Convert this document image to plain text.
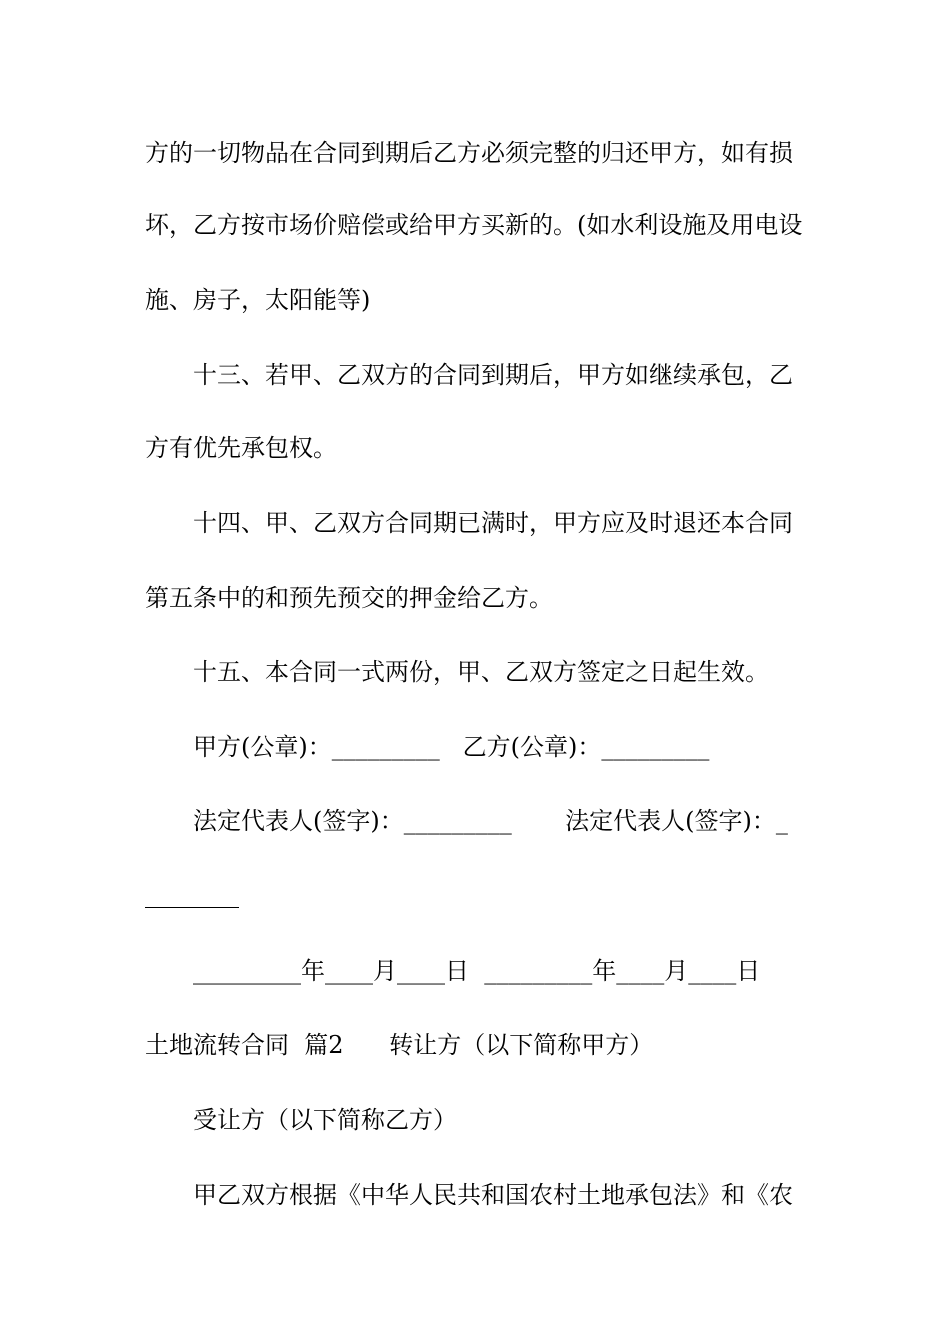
方的一切物品在合同到期后乙方必须完整的归还甲方，如有损
坏，乙方按市场价赔偿或给甲方买新的。(如水利设施及用电设
施、房子，太阳能等)
十三、若甲、乙双方的合同到期后，甲方如继续承包，乙
方有优先承包权。
十四、甲、乙双方合同期已满时，甲方应及时退还本合同
第五条中的和预先预交的押金给乙方。
十五、本合同一式两份，甲、乙双方签定之日起生效。
甲方(公章)：_________   乙方(公章)：_________
法定代表人(签字)：_________       法定代表人(签字)：_
_________年____月____日  _________年____月____日
土地流转合同  篇2      转让方（以下简称甲方）
受让方（以下简称乙方）
甲乙双方根据《中华人民共和国农村土地承包法》和《农
